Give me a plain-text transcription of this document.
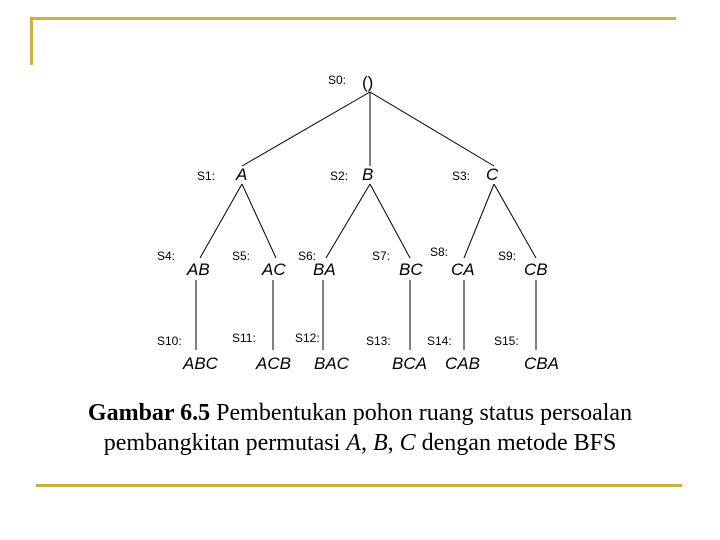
S0: ()
S1: A	S2: B	S3: C
S4:
AB
S5:
AC
S6:
BA
S7:
BC
S8:
CA
S9:
CB
S10:
ABC
S11:
ACB
S12:
BAC
S13:
BCA
S14:
CAB
S15:
CBA
Gambar 6.5 Pembentukan pohon ruang status persoalan
pembangkitan permutasi A, B, C dengan metode BFS
